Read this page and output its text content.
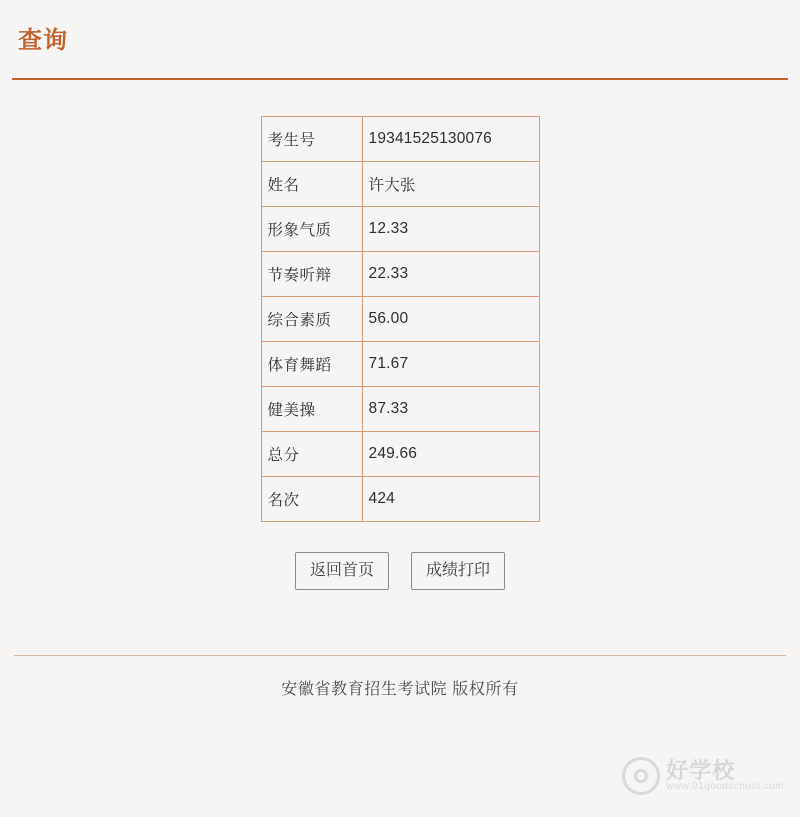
查询
考生号	19341525130076
姓名	许大张
形象气质	12.33
节奏听辩	22.33
综合素质	56.00
体育舞蹈	71.67
健美操	87.33
总分	249.66
名次	424
返回首页	成绩打印
安徽省教育招生考试院 版权所有
好学校
www.91goodschool.com
